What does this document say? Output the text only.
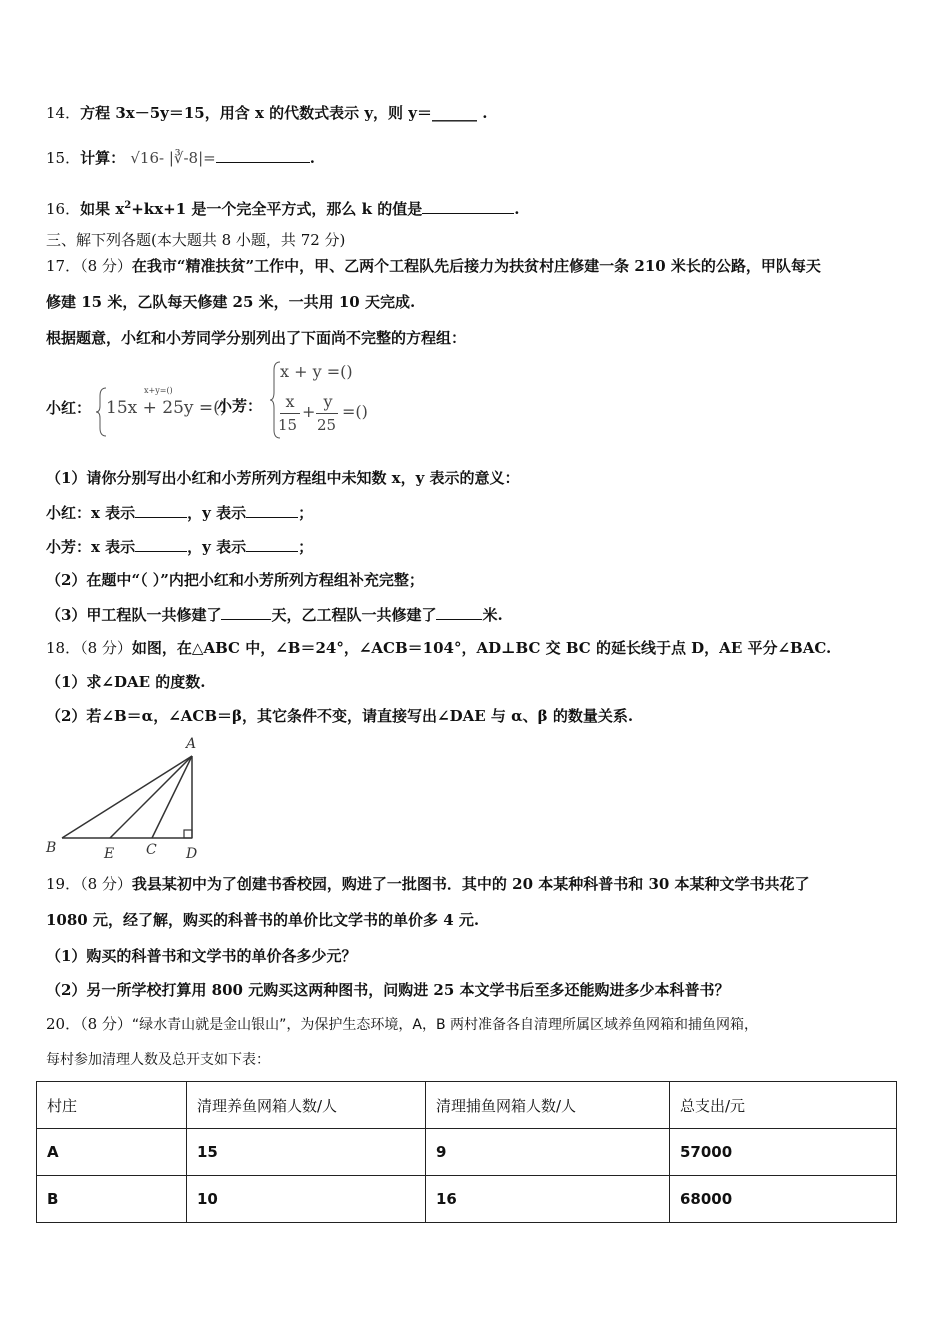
14．方程 3x－5y＝15，用含 x 的代数式表示 y，则 y＝______ .
15．计算： √16- |∛-8|=	.
16．如果 $x^2+kx+1$ 是一个完全平方式，那么 k 的值是	.
三、解下列各题(本大题共 8 小题，共 72 分)
17．（8 分）在我市“精准扶贫”工作中，甲、乙两个工程队先后接力为扶贫村庄修建一条 210 米长的公路，甲队每天
修建 15 米，乙队每天修建 25 米，一共用 10 天完成.
根据题意，小红和小芳同学分别列出了下面尚不完整的方程组：
小红：
x+y=()
15x + 25y =()
小芳：
x + y =()
x
15
+
y
25
=()
（1）请你分别写出小红和小芳所列方程组中未知数 x，y 表示的意义：
小红：x 表示	，y 表示	；
小芳：x 表示	，y 表示	；
（2）在题中“（ ）”内把小红和小芳所列方程组补充完整；
（3）甲工程队一共修建了	天，乙工程队一共修建了	米.
18．（8 分）如图，在△ABC 中，∠B＝24°，∠ACB＝104°，AD⊥BC 交 BC 的延长线于点 D，AE 平分∠BAC.
（1）求∠DAE 的度数.
（2）若∠B＝α，∠ACB＝β，其它条件不变，请直接写出∠DAE 与 α、β 的数量关系.
A
B	E C D
19．（8 分）我县某初中为了创建书香校园，购进了一批图书．其中的 20 本某种科普书和 30 本某种文学书共花了
1080 元，经了解，购买的科普书的单价比文学书的单价多 4 元.
（1）购买的科普书和文学书的单价各多少元？
（2）另一所学校打算用 800 元购买这两种图书，问购进 25 本文学书后至多还能购进多少本科普书？
20．（8 分）“绿水青山就是金山银山”，为保护生态环境，A，B 两村准备各自清理所属区域养鱼网箱和捕鱼网箱，
每村参加清理人数及总开支如下表：
村庄	清理养鱼网箱人数/人	清理捕鱼网箱人数/人	总支出/元
A	15	9	57000
B	10	16	68000
